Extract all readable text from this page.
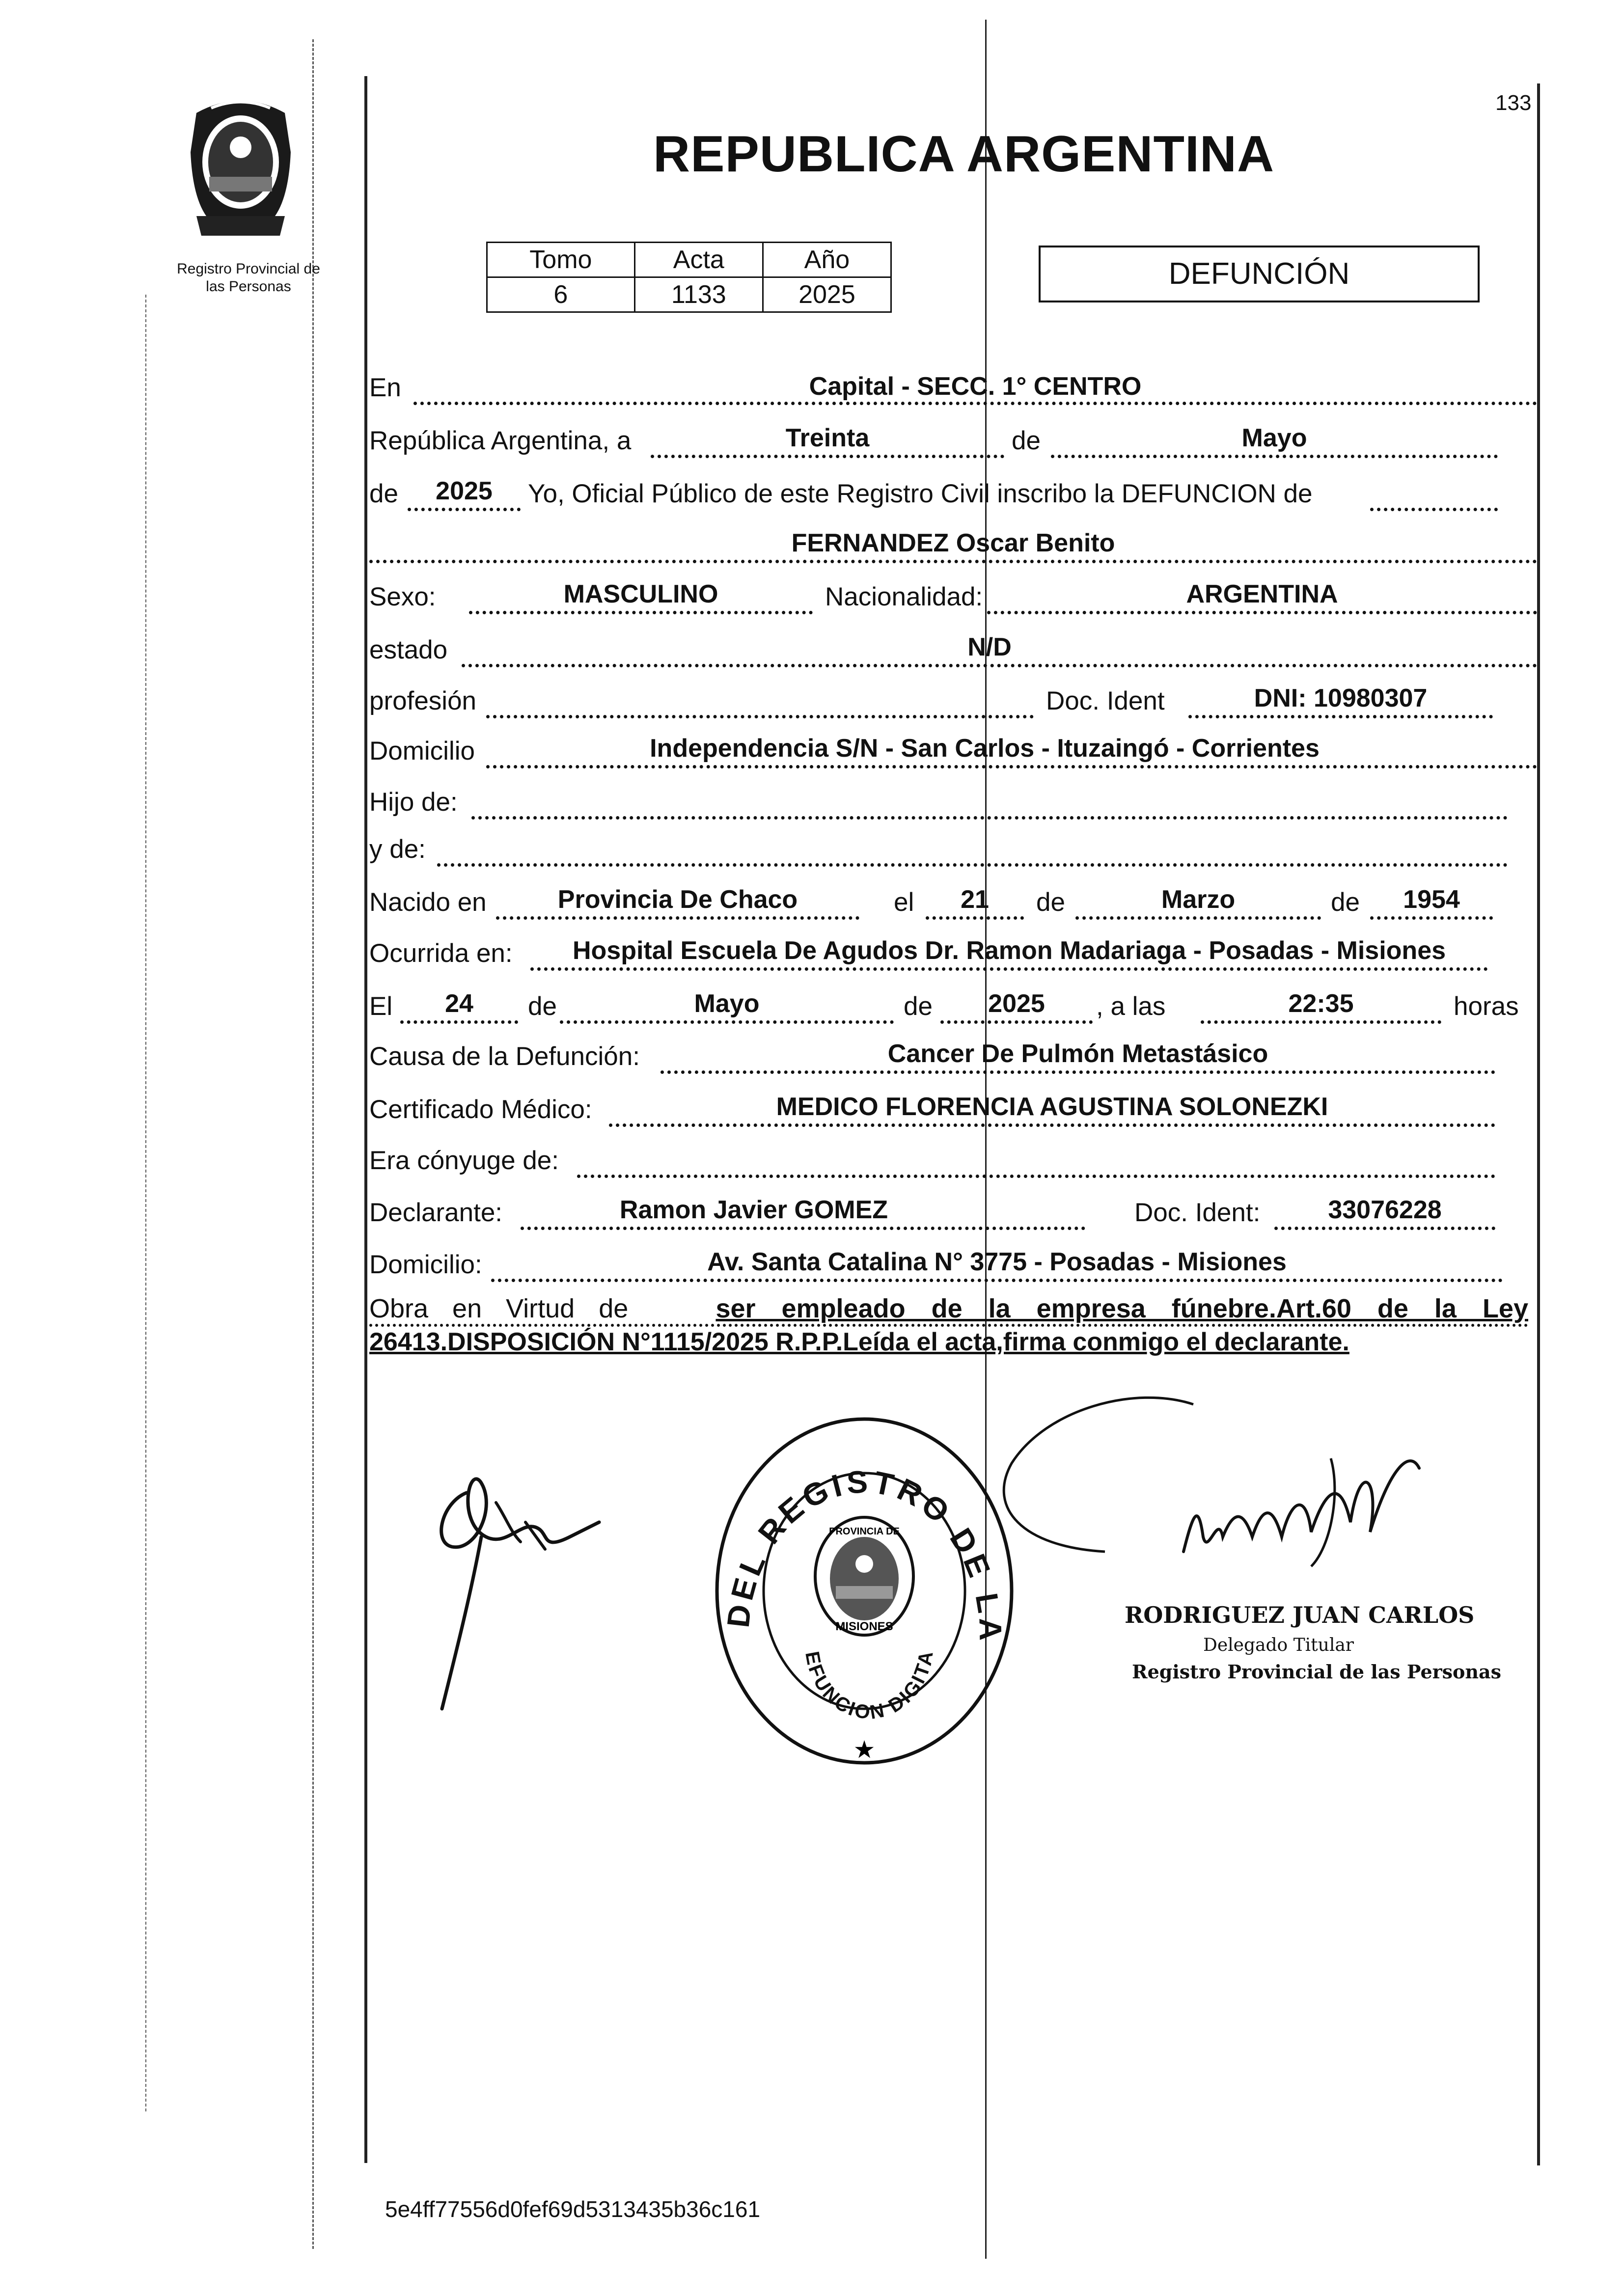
Registro Provincial de
las Personas
REPUBLICA ARGENTINA
133
Tomo	Acta	Año
6	1133	2025
DEFUNCIÓN
En	Capital - SECC. 1° CENTRO
República Argentina, a	Treinta	de	Mayo
de	2025	Yo, Oficial Público de este Registro Civil inscribo la DEFUNCION de
FERNANDEZ Oscar Benito
Sexo:	MASCULINO	Nacionalidad:	ARGENTINA
estado	N/D
profesión	Doc. Ident	DNI: 10980307
Domicilio	Independencia S/N - San Carlos - Ituzaingó - Corrientes
Hijo de:
y de:
Nacido en	Provincia De Chaco	el	21	de	Marzo	de	1954
Ocurrida en:	Hospital Escuela De Agudos Dr. Ramon Madariaga - Posadas - Misiones
El	24	de	Mayo	de	2025	, a las	22:35	horas
Causa de la Defunción:	Cancer De Pulmón Metastásico
Certificado Médico:	MEDICO FLORENCIA AGUSTINA SOLONEZKI
Era cónyuge de:
Declarante:	Ramon Javier GOMEZ	Doc. Ident:	33076228
Domicilio:	Av. Santa Catalina N° 3775 - Posadas - Misiones
Obra en Virtud de	ser empleado de la empresa fúnebre.Art.60 de la Ley
26413.DISPOSICIÓN N°1115/2025 R.P.P.Leída el acta,firma conmigo el declarante.
DEL REGISTRO DE LA
EFUNCION DIGITA
PROVINCIA DE
MISIONES
★
RODRIGUEZ JUAN CARLOS
Delegado Titular
Registro Provincial de las Personas
5e4ff77556d0fef69d5313435b36c161
